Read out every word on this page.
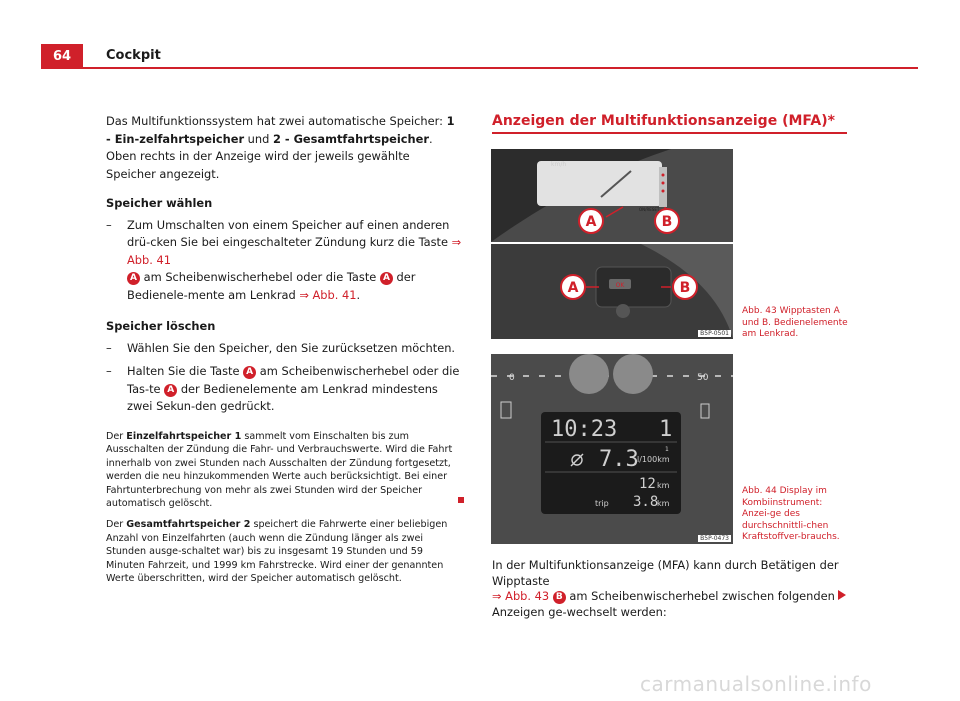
64	Cockpit

Das Multifunktionssystem hat zwei automatische Speicher: 1 - Ein-zelfahrtspeicher und 2 - Gesamtfahrtspeicher. Oben rechts in der Anzeige wird der jeweils gewählte Speicher angezeigt.

Speicher wählen

– Zum Umschalten von einem Speicher auf einen anderen drü-cken Sie bei eingeschalteter Zündung kurz die Taste ⇒ Abb. 41
A am Scheibenwischerhebel oder die Taste A der Bedienele-mente am Lenkrad ⇒ Abb. 41.

Speicher löschen

– Wählen Sie den Speicher, den Sie zurücksetzen möchten.

– Halten Sie die Taste A am Scheibenwischerhebel oder die Tas-te A der Bedienelemente am Lenkrad mindestens zwei Sekun-den gedrückt.

Der Einzelfahrtspeicher 1 sammelt vom Einschalten bis zum Ausschalten der Zündung die Fahr- und Verbrauchswerte. Wird die Fahrt innerhalb von zwei Stunden nach Ausschalten der Zündung fortgesetzt, werden die neu hinzukommenden Werte auch berücksichtigt. Bei einer Fahrtunterbrechung von mehr als zwei Stunden wird der Speicher automatisch gelöscht.

Der Gesamtfahrtspeicher 2 speichert die Fahrwerte einer beliebigen Anzahl von Einzelfahrten (auch wenn die Zündung länger als zwei Stunden ausge-schaltet war) bis zu insgesamt 19 Stunden und 59 Minuten Fahrzeit, und 1999 km Fahrstrecke. Wird einer der genannten Werte überschritten, wird der Speicher automatisch gelöscht.

Anzeigen der Multifunktionsanzeige (MFA)*
km/h
ON/RESET
A	B
OK
A	B
B5P-0501
Abb. 43 Wipptasten A und B. Bedienelemente am Lenkrad.
0	50
10:23 1
7.3
l/100km
1
12 km
trip 3.8
km
B5P-0473
Abb. 44 Display im Kombiinstrument: Anzei-ge des durchschnittli-chen Kraftstoffver-brauchs.

In der Multifunktionsanzeige (MFA) kann durch Betätigen der Wipptaste
⇒ Abb. 43 B am Scheibenwischerhebel zwischen folgenden Anzeigen ge-wechselt werden:

carmanualsonline.info
